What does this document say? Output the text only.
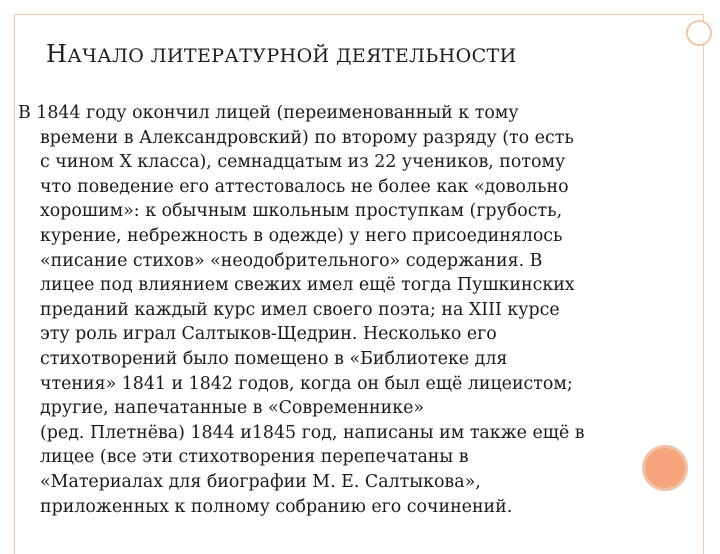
НАЧАЛО ЛИТЕРАТУРНОЙ ДЕЯТЕЛЬНОСТИ
В 1844 году окончил лицей (переименованный к тому
времени в Александровский) по второму разряду (то есть
с чином X класса), семнадцатым из 22 учеников, потому
что поведение его аттестовалось не более как «довольно
хорошим»: к обычным школьным проступкам (грубость,
курение, небрежность в одежде) у него присоединялось
«писание стихов» «неодобрительного» содержания. В
лицее под влиянием свежих имел ещё тогда Пушкинских
преданий каждый курс имел своего поэта; на XIII курсе
эту роль играл Салтыков-Щедрин. Несколько его
стихотворений было помещено в «Библиотеке для
чтения» 1841 и 1842 годов, когда он был ещё лицеистом;
другие, напечатанные в «Современнике»
(ред. Плетнёва) 1844 и1845 год, написаны им также ещё в
лицее (все эти стихотворения перепечатаны в
«Материалах для биографии М. Е. Салтыкова»,
приложенных к полному собранию его сочинений.
